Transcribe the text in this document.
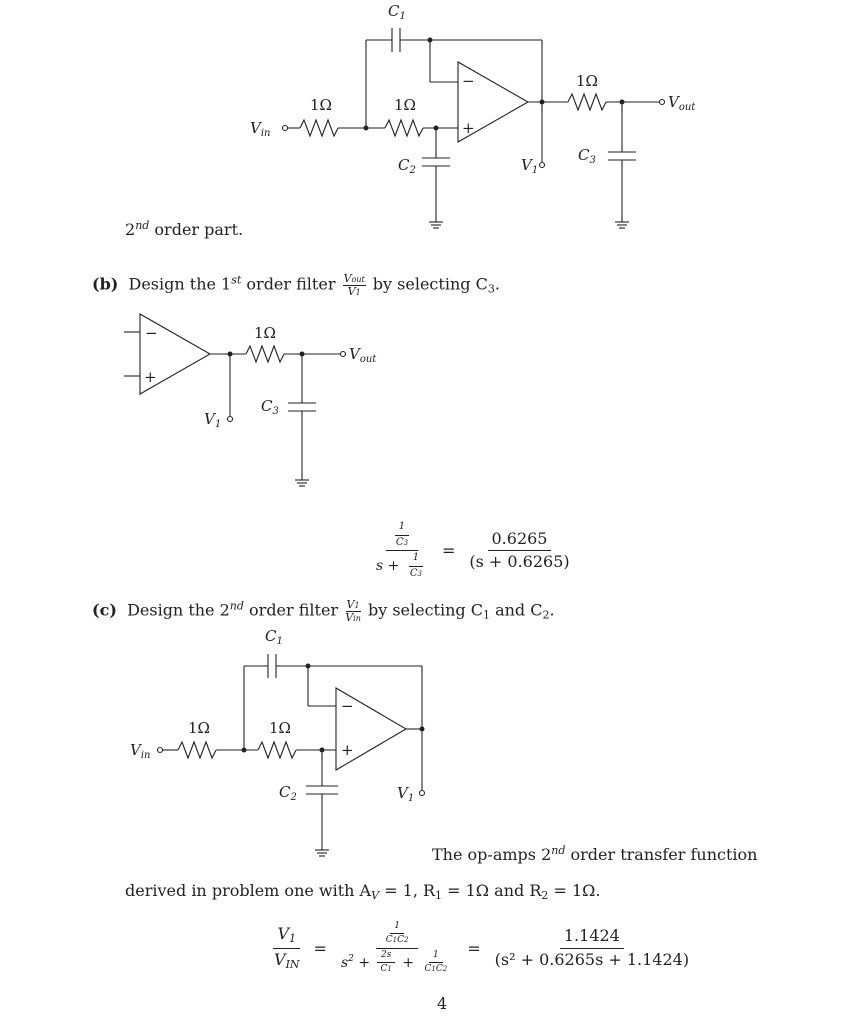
−
+
$C_1$
1Ω	1Ω
1Ω
$V_{in}$
$V_{out}$
$C_2$	$V_1$
$C_3$
2nd order part.
(b) Design the 1st order filter $\frac{\text{Vout}}{V1}$ by selecting $C_3$.
−
+
1Ω
$V_{out}$
$C_3$
$V_1$
$\frac{\frac{1}{C3}}{s + \frac{1}{C3}} = \frac{0.6265}{(s + 0.6265)}$
(c) Design the 2nd order filter $\frac{V1}{\text{Vin}}$ by selecting $C_1$ and $C_2$.
−
+
$C_1$
1Ω	1Ω
$V_{in}$
$C_2$	$V_1$
The op-amps 2nd order transfer function
derived in problem one with $A_V = 1$, $R_1 = 1\Omega$ and $R_2 = 1\Omega$.
$\frac{V_1}{V_{IN}} = \frac{\frac{1}{C1C2}}{s^2 + \frac{2s}{C1} + \frac{1}{C1C2}} = \frac{1.1424}{\text{(s² + 0.6265s + 1.1424)}}$
4
